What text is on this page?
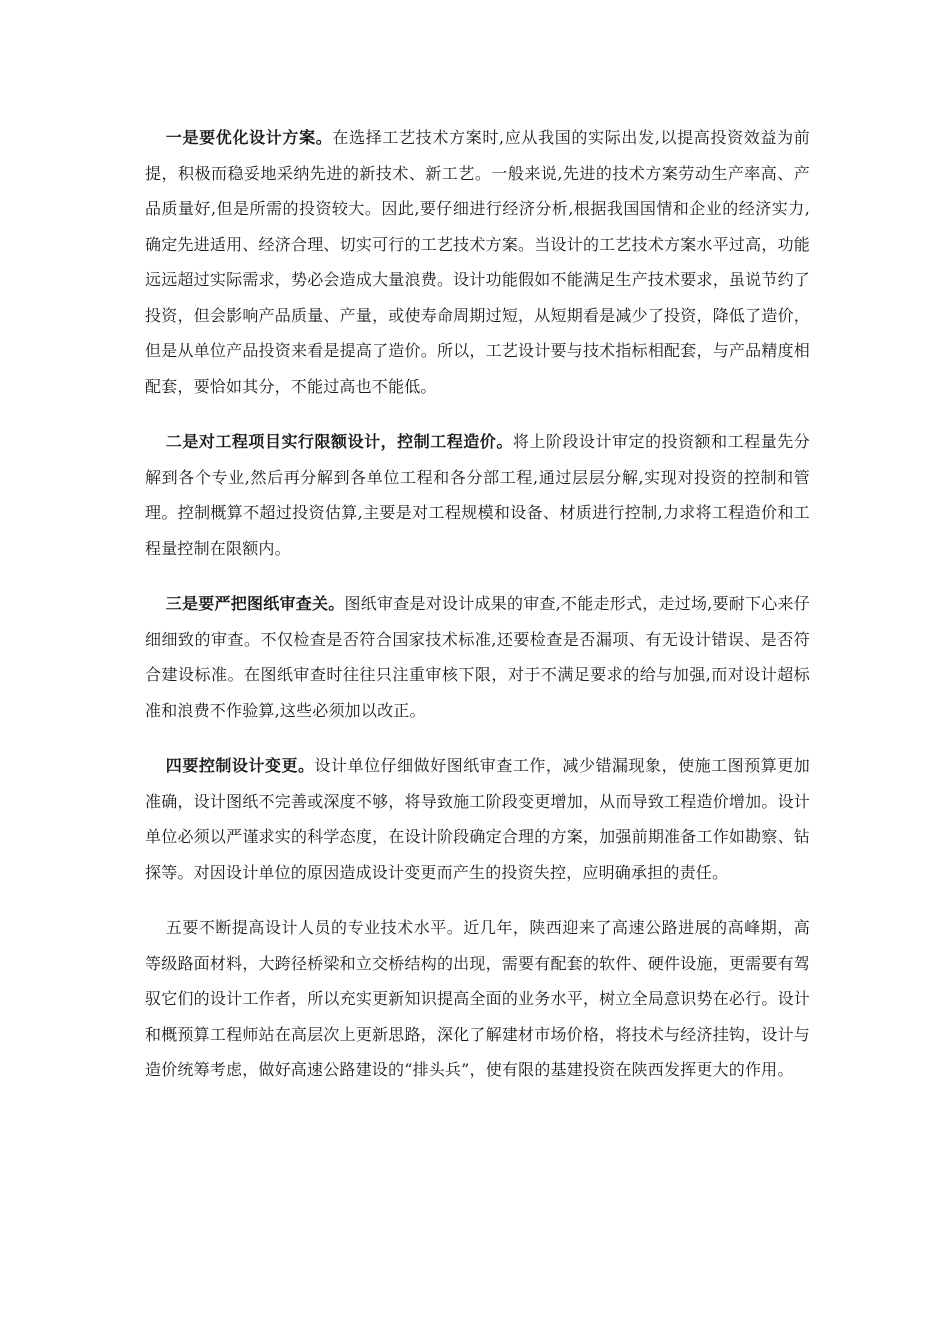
一是要优化设计方案。在选择工艺技术方案时,应从我国的实际出发,以提高投资效益为前提，积极而稳妥地采纳先进的新技术、新工艺。一般来说,先进的技术方案劳动生产率高、产品质量好,但是所需的投资较大。因此,要仔细进行经济分析,根据我国国情和企业的经济实力,确定先进适用、经济合理、切实可行的工艺技术方案。当设计的工艺技术方案水平过高，功能远远超过实际需求，势必会造成大量浪费。设计功能假如不能满足生产技术要求，虽说节约了投资，但会影响产品质量、产量，或使寿命周期过短，从短期看是减少了投资，降低了造价，但是从单位产品投资来看是提高了造价。所以，工艺设计要与技术指标相配套，与产品精度相配套，要恰如其分，不能过高也不能低。

二是对工程项目实行限额设计，控制工程造价。将上阶段设计审定的投资额和工程量先分解到各个专业,然后再分解到各单位工程和各分部工程,通过层层分解,实现对投资的控制和管理。控制概算不超过投资估算,主要是对工程规模和设备、材质进行控制,力求将工程造价和工程量控制在限额内。

三是要严把图纸审查关。图纸审查是对设计成果的审查,不能走形式，走过场,要耐下心来仔细细致的审查。不仅检查是否符合国家技术标准,还要检查是否漏项、有无设计错误、是否符合建设标准。在图纸审查时往往只注重审核下限，对于不满足要求的给与加强,而对设计超标准和浪费不作验算,这些必须加以改正。

四要控制设计变更。设计单位仔细做好图纸审查工作，减少错漏现象，使施工图预算更加准确，设计图纸不完善或深度不够，将导致施工阶段变更增加，从而导致工程造价增加。设计单位必须以严谨求实的科学态度，在设计阶段确定合理的方案，加强前期准备工作如勘察、钻探等。对因设计单位的原因造成设计变更而产生的投资失控，应明确承担的责任。

五要不断提高设计人员的专业技术水平。近几年，陕西迎来了高速公路进展的高峰期，高等级路面材料，大跨径桥梁和立交桥结构的出现，需要有配套的软件、硬件设施，更需要有驾驭它们的设计工作者，所以充实更新知识提高全面的业务水平，树立全局意识势在必行。设计和概预算工程师站在高层次上更新思路，深化了解建材市场价格，将技术与经济挂钩，设计与造价统筹考虑，做好高速公路建设的“排头兵”，使有限的基建投资在陕西发挥更大的作用。
